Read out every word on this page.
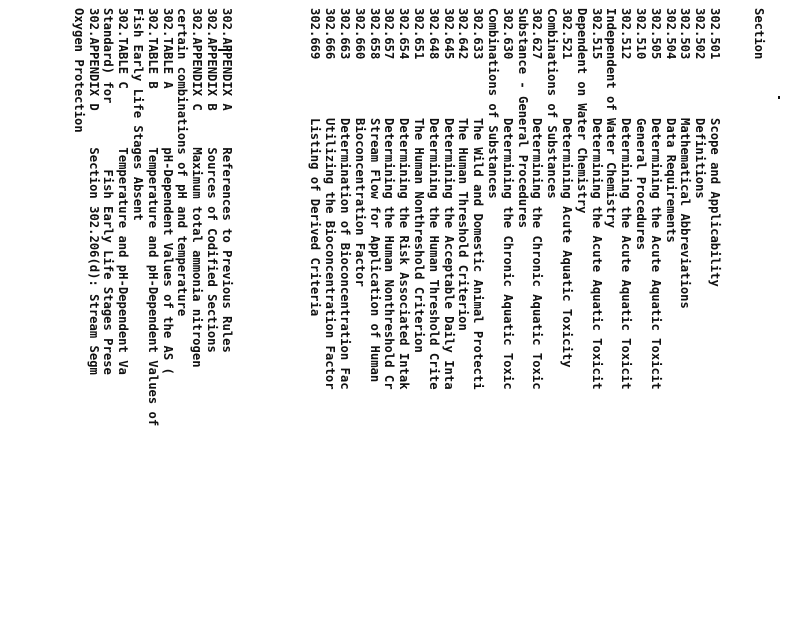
Section

302.501        Scope and Applicability
302.502        Definitions
302.503        Mathematical Abbreviations
302.504        Data Requirements
302.505        Determining the Acute Aquatic Toxicit
302.510        General Procedures
302.512        Determining the Acute Aquatic Toxicit
Independent of Water Chemistry
302.515        Determining the Acute Aquatic Toxicit
Dependent on Water Chemistry
302.521        Determining Acute Aquatic Toxicity
Combinations of Substances
302.627        Determining the Chronic Aquatic Toxic
Substance - General Procedures
302.630        Determining the Chronic Aquatic Toxic
Combinations of Substances
302.633        The Wild and Domestic Animal Protecti
302.642        The Human Threshold Criterion
302.645        Determining the Acceptable Daily Inta
302.648        Determining the Human Threshold Crite
302.651        The Human Nonthreshold Criterion
302.654        Determining the Risk Associated Intak
302.657        Determining the Human Nonthreshold Cr
302.658        Stream Flow for Application of Human
302.660        Bioconcentration Factor
302.663        Determination of Bioconcentration Fac
302.666        Utilizing the Bioconcentration Factor
302.669        Listing of Derived Criteria

302.APPENDIX A     References to Previous Rules
302.APPENDIX B     Sources of Codified Sections
302.APPENDIX C     Maximum total ammonia nitrogen
certain combinations of pH and temperature
302.TABLE A        pH-Dependent Values of the AS (
302.TABLE B        Temperature and pH-Dependent Values of
Fish Early Life Stages Absent
302.TABLE C        Temperature and pH-Dependent Va
Standard) for         Fish Early Life Stages Prese
302.APPENDIX D     Section 302.206(d): Stream Segm
Oxygen Protection
